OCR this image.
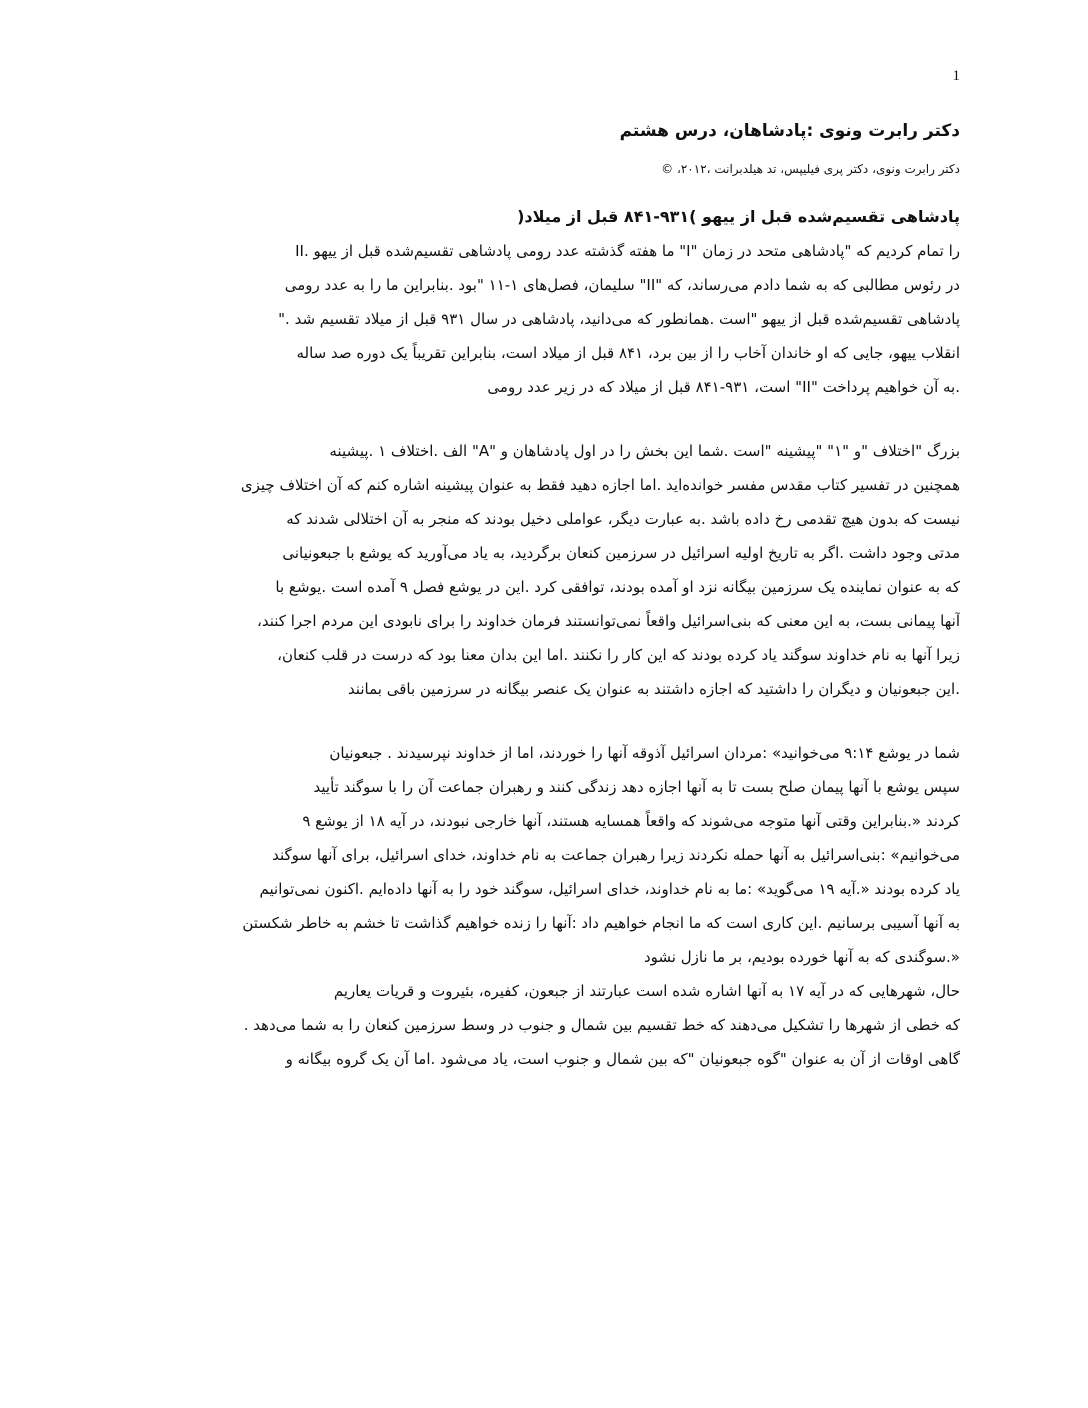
1
دکتر رابرت ونوی :پادشاهان، درس هشتم

دکتر رابرت ونوی، دکتر پری فیلیپس، تد هیلدبرانت ،۲۰۱۲، ©

پادشاهی تقسیم‌شده قبل از ییهو )۹۳۱-۸۴۱ قبل از میلاد(

را تمام کردیم که "پادشاهی متحد در زمان "I" ما هفته گذشته عدد رومی پادشاهی تقسیم‌شده قبل از ییهو .II
در رئوس مطالبی که به شما دادم می‌رساند، که "II" سلیمان، فصل‌های ۱-۱۱ "بود .بنابراین ما را به عدد رومی
پادشاهی تقسیم‌شده قبل از ییهو "است .همانطور که می‌دانید، پادشاهی در سال ۹۳۱ قبل از میلاد تقسیم شد ."
انقلاب ییهو، جایی که او خاندان آخاب را از بین برد، ۸۴۱ قبل از میلاد است، بنابراین تقریباً یک دوره صد ساله
.به آن خواهیم پرداخت "II" است، ۹۳۱-۸۴۱ قبل از میلاد که در زیر عدد رومی

بزرگ "اختلاف "و "۱" "پیشینه "است .شما این بخش را در اول پادشاهان و "A" الف .اختلاف ۱ .پیشینه
همچنین در تفسیر کتاب مقدس مفسر خوانده‌اید .اما اجازه دهید فقط به عنوان پیشینه اشاره کنم که آن اختلاف چیزی
نیست که بدون هیچ تقدمی رخ داده باشد .به عبارت دیگر، عواملی دخیل بودند که منجر به آن اختلالی شدند که
مدتی وجود داشت .اگر به تاریخ اولیه اسرائیل در سرزمین کنعان برگردید، به یاد می‌آورید که یوشع با جبعونیانی
که به عنوان نماینده یک سرزمین بیگانه نزد او آمده بودند، توافقی کرد .این در یوشع فصل ۹ آمده است .یوشع با
آنها پیمانی بست، به این معنی که بنی‌اسرائیل واقعاً نمی‌توانستند فرمان خداوند را برای نابودی این مردم اجرا کنند،
زیرا آنها به نام خداوند سوگند یاد کرده بودند که این کار را نکنند .اما این بدان معنا بود که درست در قلب کنعان،
.این جبعونیان و دیگران را داشتید که اجازه داشتند به عنوان یک عنصر بیگانه در سرزمین باقی بمانند

شما در یوشع ۹:۱۴ می‌خوانید» :مردان اسرائیل آذوقه آنها را خوردند، اما از خداوند نپرسیدند . جبعونیان
سپس یوشع با آنها پیمان صلح بست تا به آنها اجازه دهد زندگی کنند و رهبران جماعت آن را با سوگند تأیید
کردند «.بنابراین وقتی آنها متوجه می‌شوند که واقعاً همسایه هستند، آنها خارجی نبودند، در آیه ۱۸ از یوشع ۹
می‌خوانیم» :بنی‌اسرائیل به آنها حمله نکردند زیرا رهبران جماعت به نام خداوند، خدای اسرائیل، برای آنها سوگند
یاد کرده بودند «.آیه ۱۹ می‌گوید» :ما به نام خداوند، خدای اسرائیل، سوگند خود را به آنها داده‌ایم .اکنون نمی‌توانیم
به آنها آسیبی برسانیم .این کاری است که ما انجام خواهیم داد :آنها را زنده خواهیم گذاشت تا خشم به خاطر شکستن
«.سوگندی که به آنها خورده بودیم، بر ما نازل نشود

حال، شهرهایی که در آیه ۱۷ به آنها اشاره شده است عبارتند از جبعون، کفیره، بئیروت و قریات یعاریم
که خطی از شهرها را تشکیل می‌دهند که خط تقسیم بین شمال و جنوب در وسط سرزمین کنعان را به شما می‌دهد .
گاهی اوقات از آن به عنوان "گوه جبعونیان "که بین شمال و جنوب است، یاد می‌شود .اما آن یک گروه بیگانه و
